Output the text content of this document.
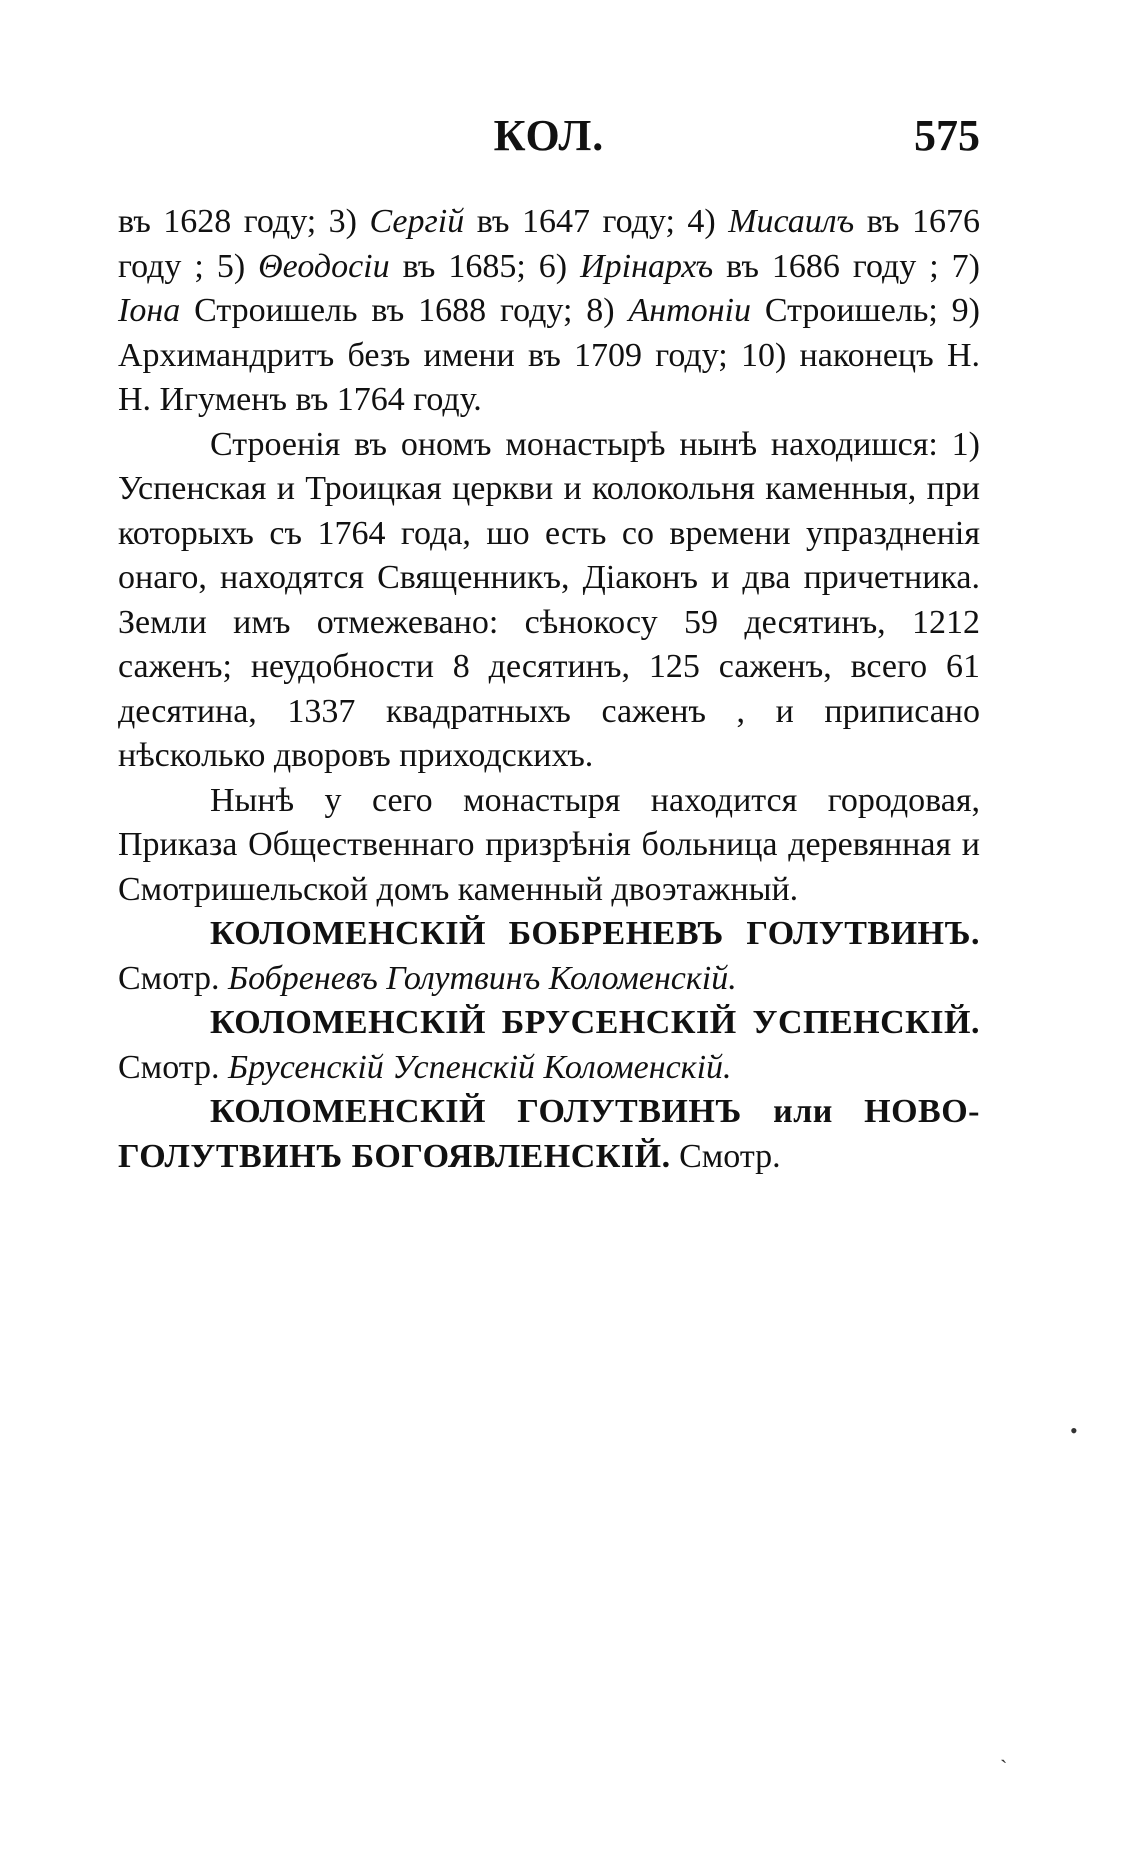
КОЛ.	575

въ 1628 году; 3) Сергій въ 1647 году; 4) Мисаилъ въ 1676 году ; 5) Θеодосіи въ 1685; 6) Ирінархъ въ 1686 году ; 7) Іона Строишель въ 1688 году; 8) Антоніи Строишель; 9) Архимандритъ безъ имени въ 1709 году; 10) наконецъ Н. Н. Игуменъ въ 1764 году.

Строенія въ ономъ монастырѣ нынѣ находишся: 1) Успенская и Троицкая церкви и колокольня каменныя, при которыхъ съ 1764 года, шо есть со времени упраздненія онаго, находятся Священникъ, Діаконъ и два причетника. Земли имъ отмежевано: сѣнокосу 59 десятинъ, 1212 саженъ; неудобности 8 десятинъ, 125 саженъ, всего 61 десятина, 1337 квадратныхъ саженъ , и приписано нѣсколько дворовъ приходскихъ.

Нынѣ у сего монастыря находится городовая, Приказа Общественнаго призрѣнія больница деревянная и Смотришельской домъ каменный двоэтажный.

КОЛОМЕНСКІЙ БОБРЕНЕВЪ ГОЛУТВИНЪ. Смотр. Бобреневъ Голутвинъ Коломенскій.

КОЛОМЕНСКІЙ БРУСЕНСКІЙ УСПЕНСКІЙ. Смотр. Брусенскій Успенскій Коломенскій.

КОЛОМЕНСКІЙ ГОЛУТВИНЪ или НОВО-ГОЛУТВИНЪ БОГОЯВЛЕНСКІЙ. Смотр.

•
˴
